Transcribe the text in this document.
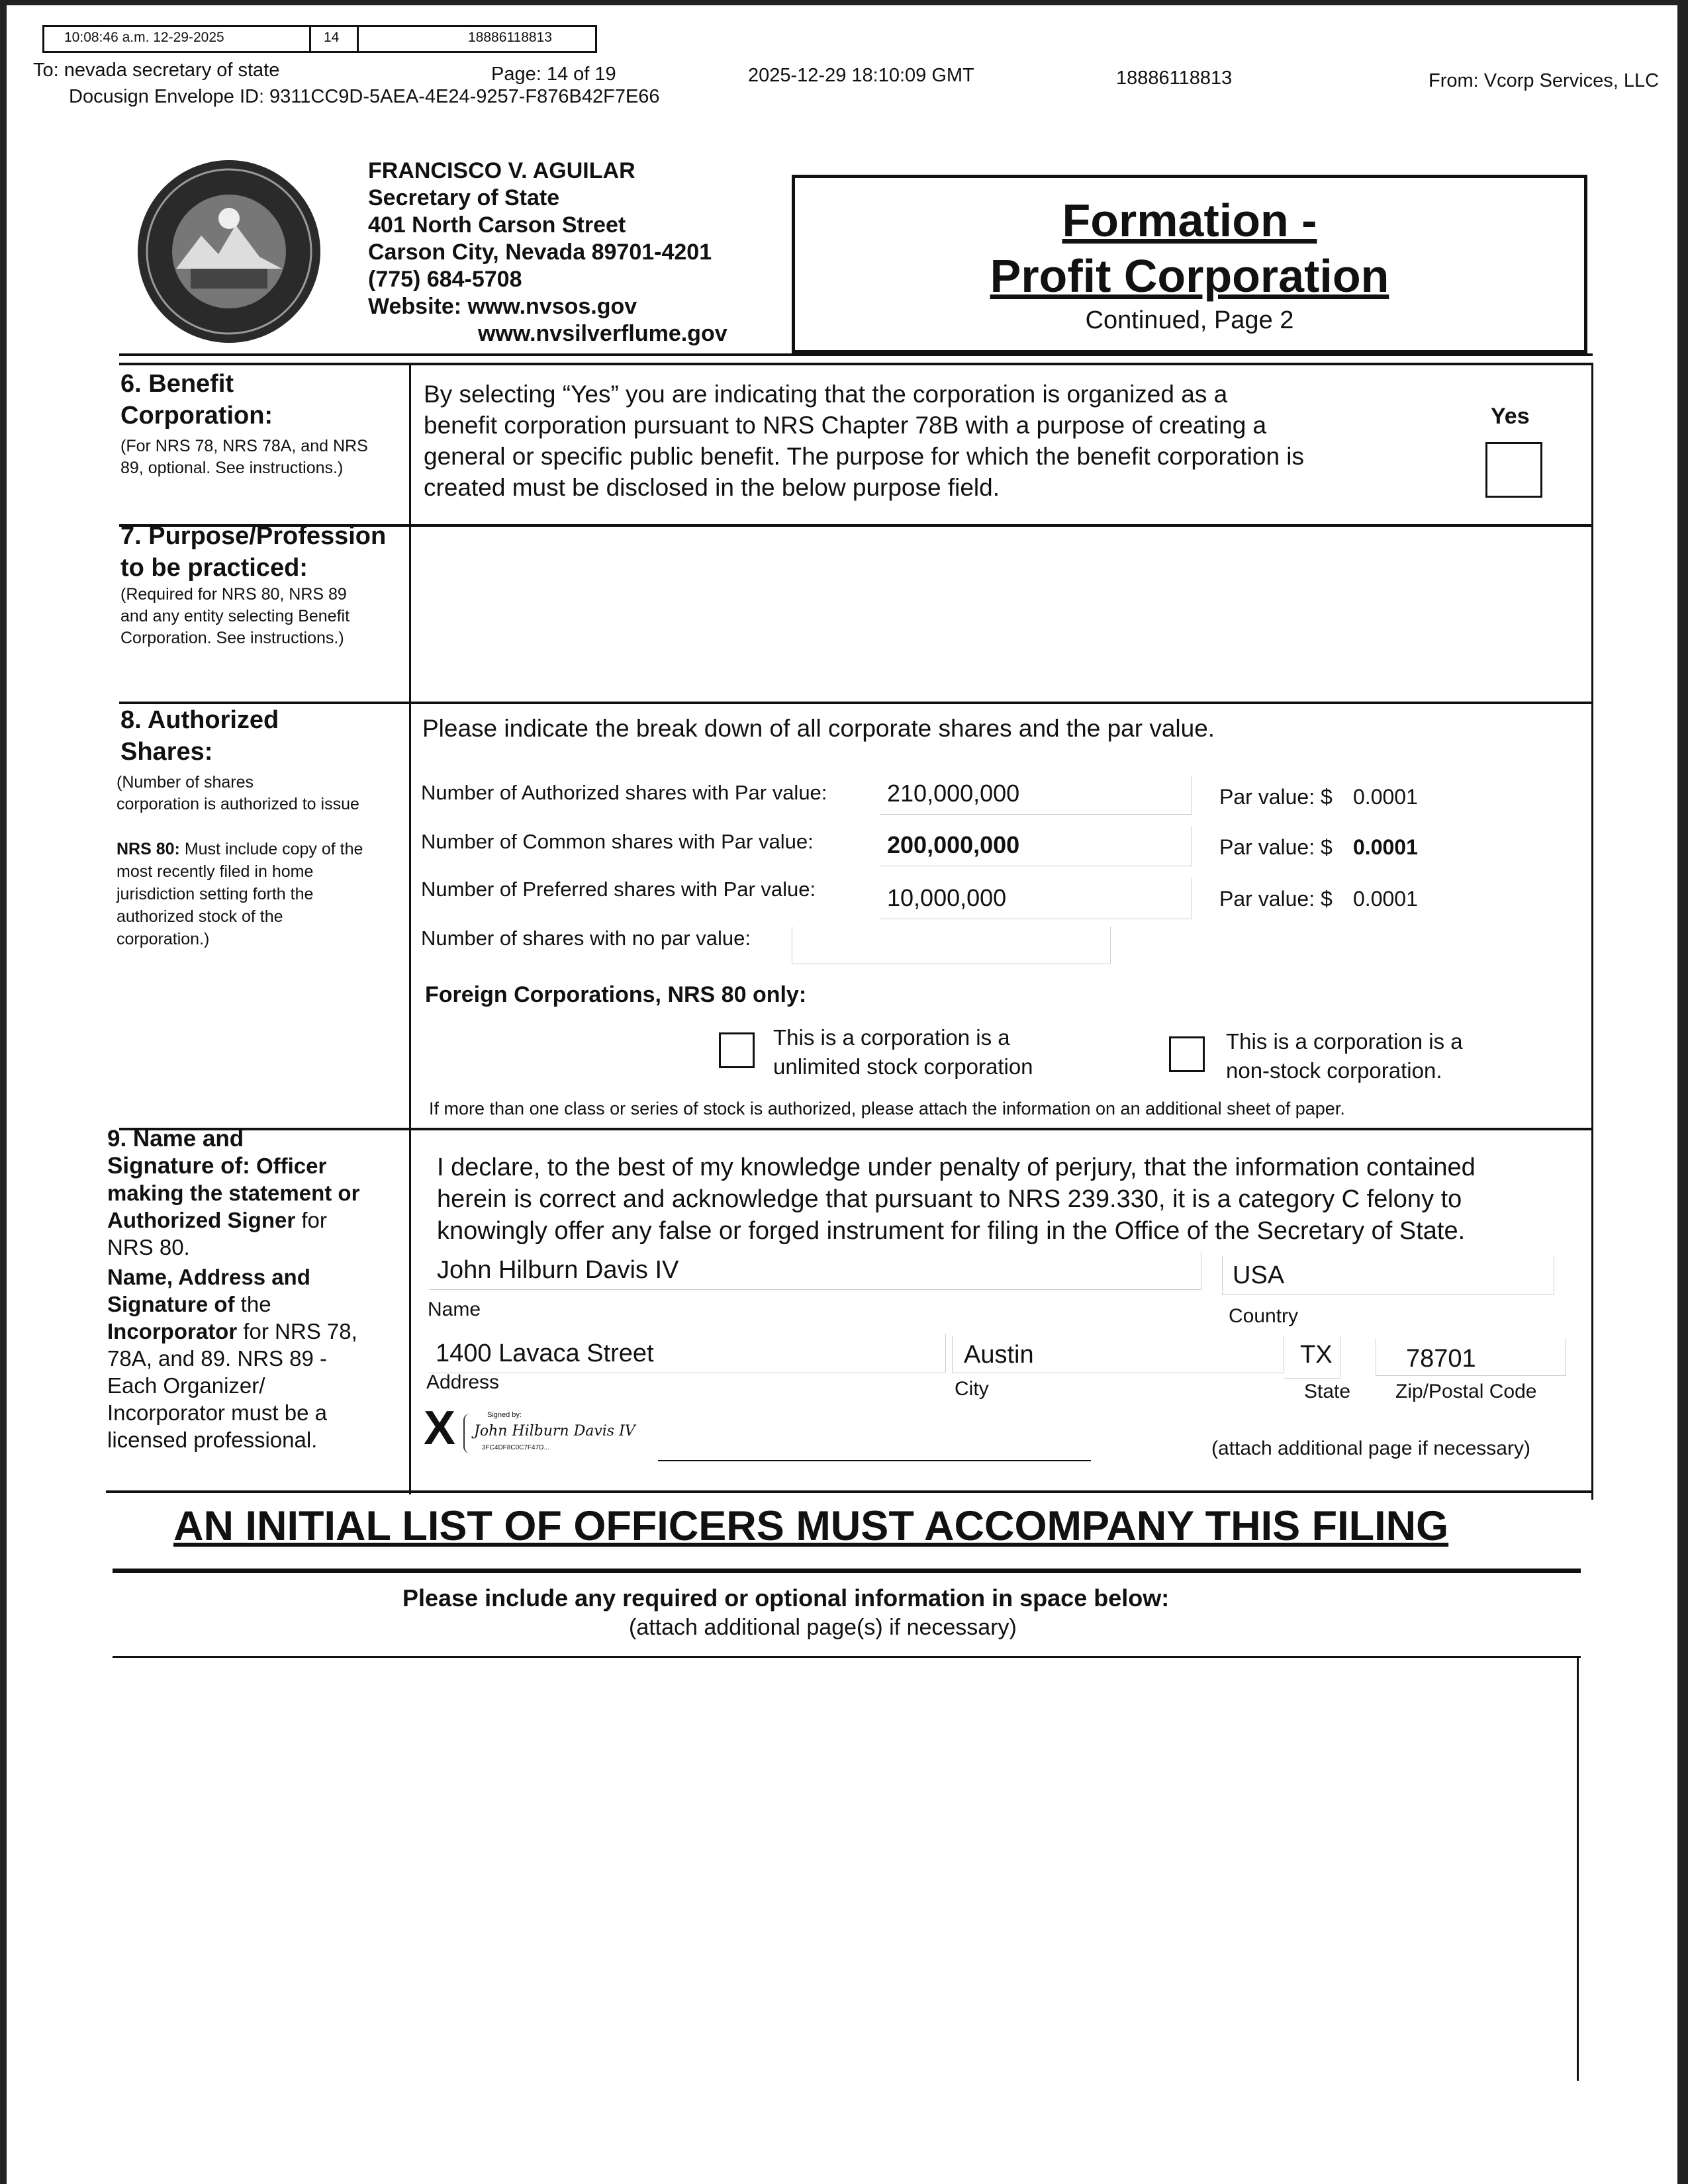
10:08:46 a.m. 12-29-2025	14	18886118813
To: nevada secretary of state	Page: 14 of 19	2025-12-29 18:10:09 GMT	18886118813	From: Vcorp Services, LLC
Docusign Envelope ID: 9311CC9D-5AEA-4E24-9257-F876B42F7E66
FRANCISCO V. AGUILAR
Secretary of State
401 North Carson Street
Carson City, Nevada 89701-4201
(775) 684-5708
Website: www.nvsos.gov
www.nvsilverflume.gov
Formation -
Profit Corporation
Continued, Page 2
6. Benefit
Corporation:
(For NRS 78, NRS 78A, and NRS
89, optional. See instructions.)
By selecting “Yes” you are indicating that the corporation is organized as a
benefit corporation pursuant to NRS Chapter 78B with a purpose of creating a
general or specific public benefit. The purpose for which the benefit corporation is
created must be disclosed in the below purpose field.
Yes
7. Purpose/Profession
to be practiced:
(Required for NRS 80, NRS 89
and any entity selecting Benefit
Corporation. See instructions.)
8. Authorized
Shares:
(Number of shares
corporation is authorized to issue
NRS 80: Must include copy of the
most recently filed in home
jurisdiction setting forth the
authorized stock of the
corporation.)
Please indicate the break down of all corporate shares and the par value.
Number of Authorized shares with Par value:	210,000,000	Par value: $ 0.0001
Number of Common shares with Par value:	200,000,000	Par value: $ 0.0001
Number of Preferred shares with Par value:	10,000,000	Par value: $ 0.0001
Number of shares with no par value:
Foreign Corporations, NRS 80 only:
This is a corporation is a
unlimited stock corporation
This is a corporation is a
non-stock corporation.
If more than one class or series of stock is authorized, please attach the information on an additional sheet of paper.
9. Name and
Signature of: Officer
making the statement or
Authorized Signer for
NRS 80.
Name, Address and
Signature of the
Incorporator for NRS 78,
78A, and 89. NRS 89 -
Each Organizer/
Incorporator must be a
licensed professional.
I declare, to the best of my knowledge under penalty of perjury, that the information contained
herein is correct and acknowledge that pursuant to NRS 239.330, it is a category C felony to
knowingly offer any false or forged instrument for filing in the Office of the Secretary of State.
John Hilburn Davis IV
Name
USA
Country
1400 Lavaca Street
Address
Austin
City
TX
State
78701
Zip/Postal Code
X	Signed by:
John Hilburn Davis IV
3FC4DF8C0C7F47D...	(attach additional page if necessary)
AN INITIAL LIST OF OFFICERS MUST ACCOMPANY THIS FILING
Please include any required or optional information in space below:
(attach additional page(s) if necessary)
